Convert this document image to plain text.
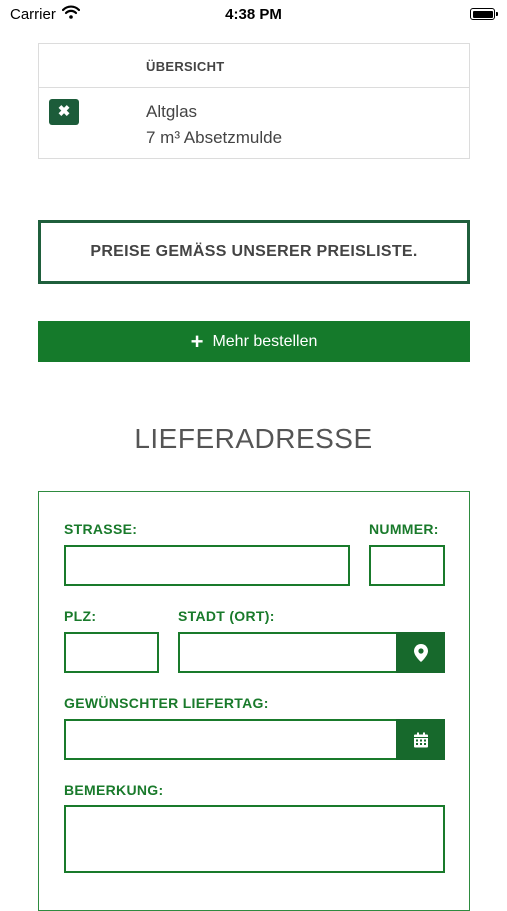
Carrier	4:38 PM
ÜBERSICHT
✖	Altglas
7 m³ Absetzmulde
PREISE GEMÄSS UNSERER PREISLISTE.
+ Mehr bestellen
LIEFERADRESSE
STRASSE:	NUMMER:
PLZ:	STADT (ORT):
GEWÜNSCHTER LIEFERTAG:
BEMERKUNG:
